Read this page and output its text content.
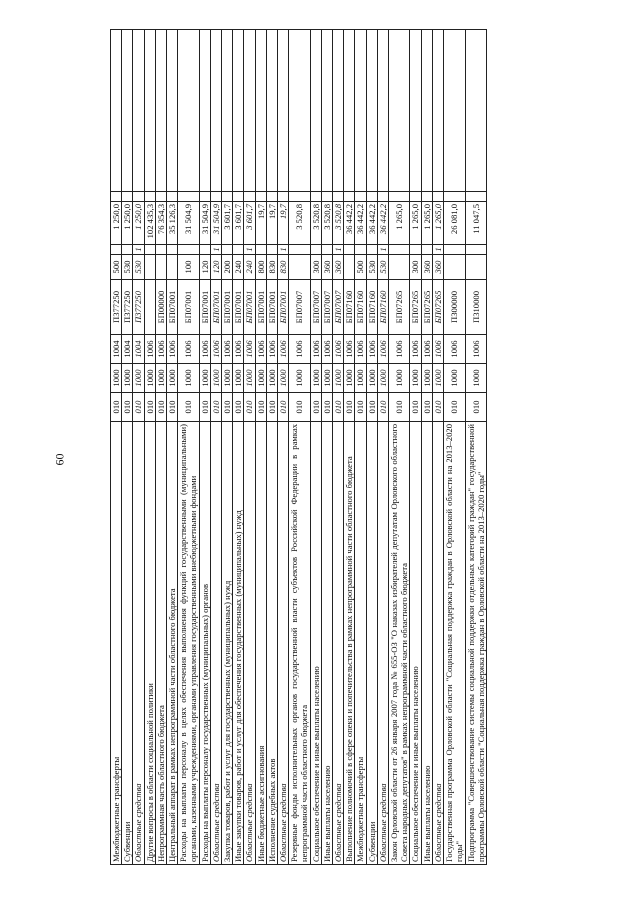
60
Межбюджетные трансферты	010	1000	1004	П377250	500		1 250,0		
Субвенции	010	1000	1004	П377250	530		1 250,0		
Областные средства	010	1000	1004	П377250	530	1	1 250,0		
Другие вопросы в области социальной политики	010	1000	1006				102 435,3		
Непрограммная часть областного бюджета	010	1000	1006	БП00000			76 354,3		
Центральный аппарат в рамках непрограммной части областного бюджета	010	1000	1006	БП07001			35 126,3		
Расходы на выплаты персоналу в целях обеспечения выполнения функций государственными (муниципальными) органами, казенными учреждениями, органами управления государственными внебюджетными фондами	010	1000	1006	БП07001	100		31 504,9		
Расходы на выплаты персоналу государственных (муниципальных) органов	010	1000	1006	БП07001	120		31 504,9		
Областные средства	010	1000	1006	БП07001	120	1	31 504,9		
Закупка товаров, работ и услуг для государственных (муниципальных) нужд	010	1000	1006	БП07001	200		3 601,7		
Иные закупки товаров, работ и услуг для обеспечения государственных (муниципальных) нужд	010	1000	1006	БП07001	240		3 601,7		
Областные средства	010	1000	1006	БП07001	240	1	3 601,7		
Иные бюджетные ассигнования	010	1000	1006	БП07001	800		19,7		
Исполнение судебных актов	010	1000	1006	БП07001	830		19,7		
Областные средства	010	1000	1006	БП07001	830	1	19,7		
Резервные фонды исполнительных органов государственной власти субъектов Российской Федерации в рамках непрограммной части областного бюджета	010	1000	1006	БП07007			3 520,8		
Социальное обеспечение и иные выплаты населению	010	1000	1006	БП07007	300		3 520,8		
Иные выплаты населению	010	1000	1006	БП07007	360		3 520,8		
Областные средства	010	1000	1006	БП07007	360	1	3 520,8		
Выполнение полномочий в сфере опеки и попечительства в рамках непрограммной части областного бюджета	010	1000	1006	БП07160			36 442,2		
Межбюджетные трансферты	010	1000	1006	БП07160	500		36 442,2		
Субвенции	010	1000	1006	БП07160	530		36 442,2		
Областные средства	010	1000	1006	БП07160	530	1	36 442,2		
Закон Орловской области от 26 января 2007 года № 655-ОЗ "О наказах избирателей депутатам Орловского областного Совета народных депутатов" в рамках непрограммной части областного бюджета	010	1000	1006	БП07265			1 265,0		
Социальное обеспечение и иные выплаты населению	010	1000	1006	БП07265	300		1 265,0		
Иные выплаты населению	010	1000	1006	БП07265	360		1 265,0		
Областные средства	010	1000	1006	БП07265	360	1	1 265,0		
Государственная программа Орловской области "Социальная поддержка граждан в Орловской области на 2013–2020 годы"	010	1000	1006	П300000			26 081,0		
Подпрограмма "Совершенствование системы социальной поддержки отдельных категорий граждан" государственной программы Орловской области "Социальная поддержка граждан в Орловской области на 2013–2020 годы"	010	1000	1006	П310000			11 047,5		
